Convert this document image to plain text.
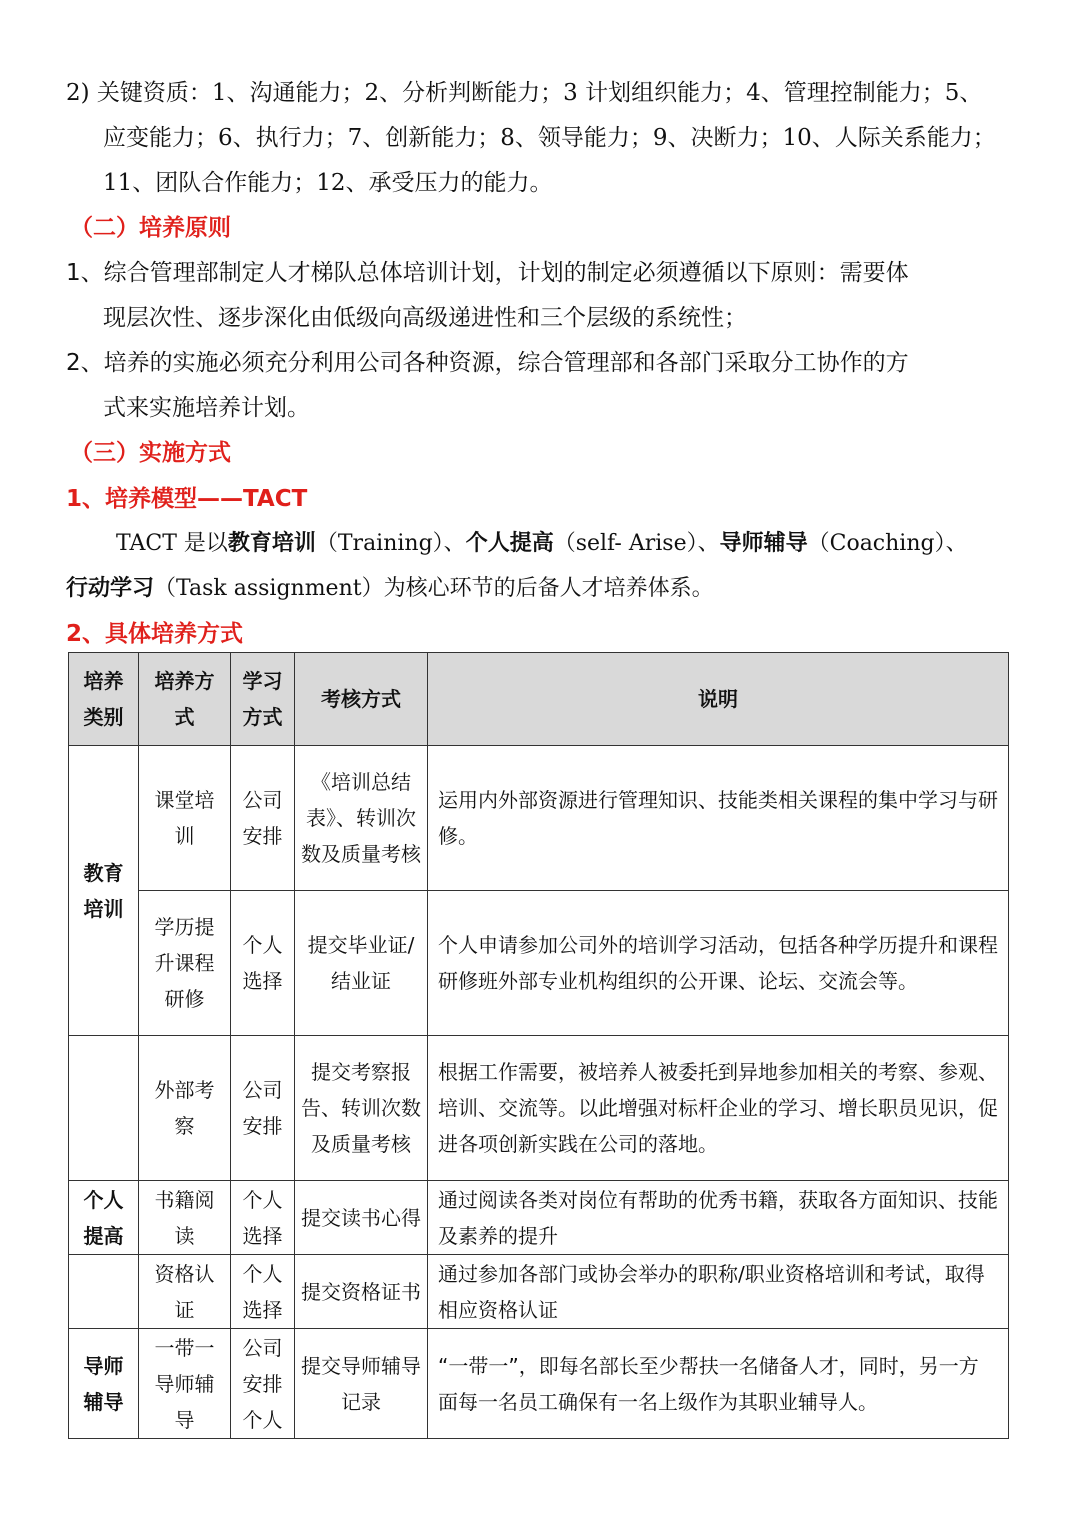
2) 关键资质：1、沟通能力；2、分析判断能力；3 计划组织能力；4、管理控制能力；5、
应变能力；6、执行力；7、创新能力；8、领导能力；9、决断力；10、人际关系能力；
11、团队合作能力；12、承受压力的能力。
（二）培养原则
1、综合管理部制定人才梯队总体培训计划，计划的制定必须遵循以下原则：需要体
现层次性、逐步深化由低级向高级递进性和三个层级的系统性；
2、培养的实施必须充分利用公司各种资源，综合管理部和各部门采取分工协作的方
式来实施培养计划。
（三）实施方式
1、培养模型——TACT
TACT 是以教育培训（Training）、个人提高（self- Arise）、导师辅导（Coaching）、
行动学习（Task assignment）为核心环节的后备人才培养体系。
2、具体培养方式
培养类别	培养方式	学习方式	考核方式	说明
教育培训	课堂培训	公司安排	《培训总结表》、转训次数及质量考核	运用内外部资源进行管理知识、技能类相关课程的集中学习与研修。
	学历提升课程研修	个人选择	提交毕业证/结业证	个人申请参加公司外的培训学习活动，包括各种学历提升和课程研修班外部专业机构组织的公开课、论坛、交流会等。
	外部考察	公司安排	提交考察报告、转训次数及质量考核	根据工作需要，被培养人被委托到异地参加相关的考察、参观、培训、交流等。以此增强对标杆企业的学习、增长职员见识，促进各项创新实践在公司的落地。
个人提高	书籍阅读	个人选择	提交读书心得	通过阅读各类对岗位有帮助的优秀书籍，获取各方面知识、技能及素养的提升
	资格认证	个人选择	提交资格证书	通过参加各部门或协会举办的职称/职业资格培训和考试，取得相应资格认证
导师辅导	一带一导师辅导	公司安排个人	提交导师辅导记录	“一带一”，即每名部长至少帮扶一名储备人才，同时，另一方面每一名员工确保有一名上级作为其职业辅导人。
